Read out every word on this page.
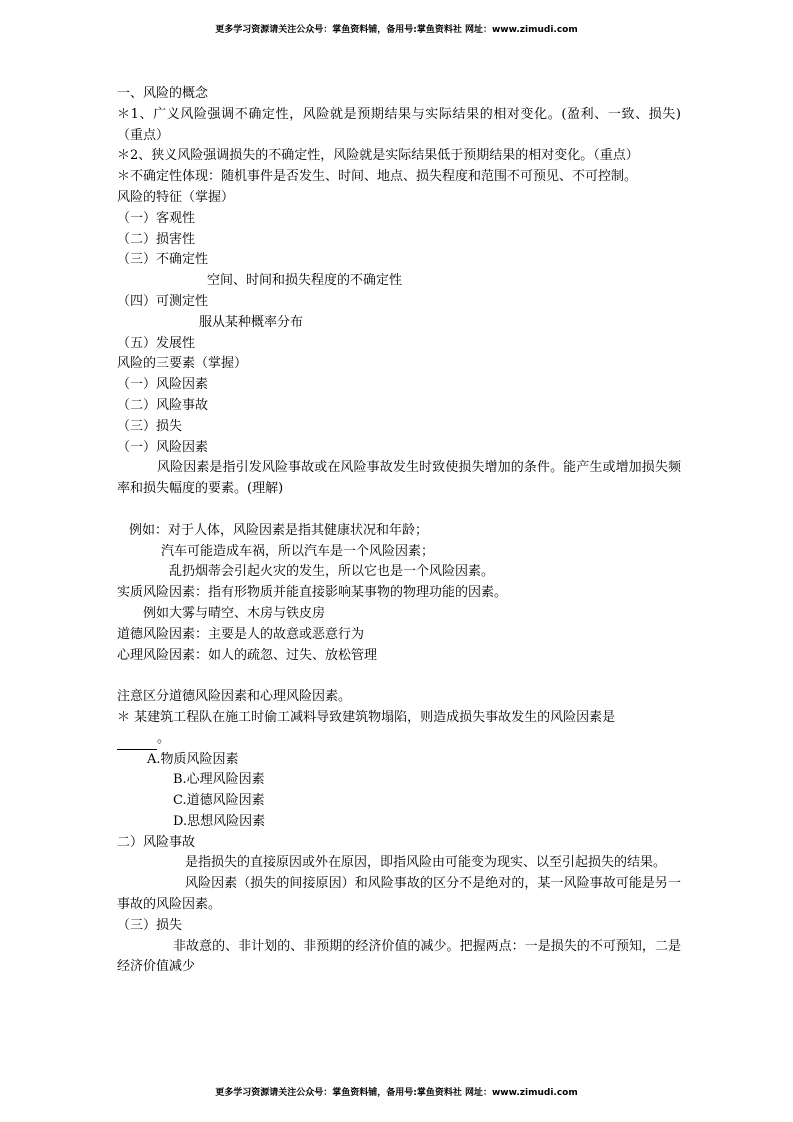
更多学习资源请关注公众号：掌鱼资料铺，备用号:掌鱼资料社 网址：www.zimudi.com
一、风险的概念
＊1、广义风险强调不确定性，风险就是预期结果与实际结果的相对变化。(盈利、一致、损失) （重点）
＊2、狭义风险强调损失的不确定性，风险就是实际结果低于预期结果的相对变化。（重点）
＊不确定性体现：随机事件是否发生、时间、地点、损失程度和范围不可预见、不可控制。
风险的特征（掌握）
（一）客观性
（二）损害性
（三）不确定性
空间、时间和损失程度的不确定性
（四）可测定性
服从某种概率分布
（五）发展性
风险的三要素（掌握）
（一）风险因素
（二）风险事故
（三）损失
（一）风险因素
风险因素是指引发风险事故或在风险事故发生时致使损失增加的条件。能产生或增加损失频率和损失幅度的要素。(理解)
例如：对于人体，风险因素是指其健康状况和年龄；
汽车可能造成车祸，所以汽车是一个风险因素；
乱扔烟蒂会引起火灾的发生，所以它也是一个风险因素。
实质风险因素：指有形物质并能直接影响某事物的物理功能的因素。
例如大雾与晴空、木房与铁皮房
道德风险因素：主要是人的故意或恶意行为
心理风险因素：如人的疏忽、过失、放松管理
注意区分道德风险因素和心理风险因素。
＊ 某建筑工程队在施工时偷工减料导致建筑物塌陷，则造成损失事故发生的风险因素是
。
A.物质风险因素
B.心理风险因素
C.道德风险因素
D.思想风险因素
二）风险事故
是指损失的直接原因或外在原因，即指风险由可能变为现实、以至引起损失的结果。
风险因素（损失的间接原因）和风险事故的区分不是绝对的，某一风险事故可能是另一事故的风险因素。
（三）损失
非故意的、非计划的、非预期的经济价值的减少。把握两点：一是损失的不可预知，二是经济价值减少
更多学习资源请关注公众号：掌鱼资料铺，备用号:掌鱼资料社 网址：www.zimudi.com
